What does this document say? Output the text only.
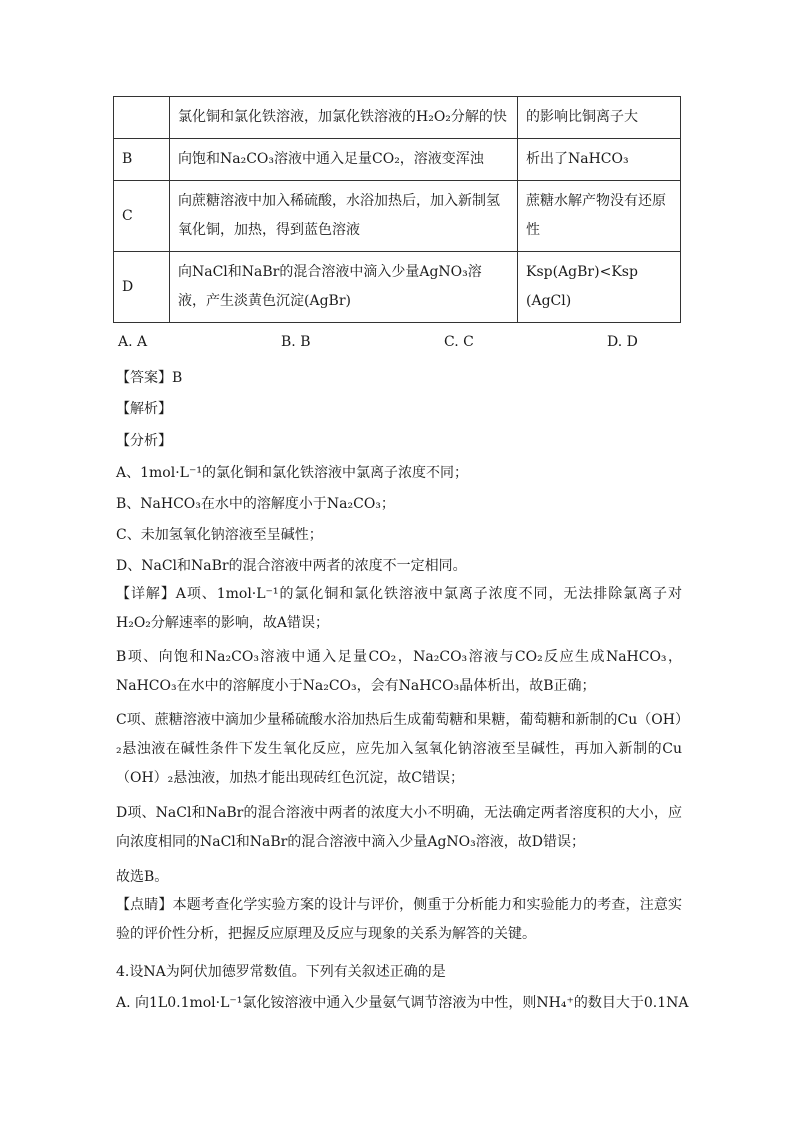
	氯化铜和氯化铁溶液，加氯化铁溶液的H₂O₂分解的快	的影响比铜离子大
B	向饱和Na₂CO₃溶液中通入足量CO₂，溶液变浑浊	析出了NaHCO₃
C	向蔗糖溶液中加入稀硫酸，水浴加热后，加入新制氢氧化铜，加热，得到蓝色溶液	蔗糖水解产物没有还原性
D	向NaCl和NaBr的混合溶液中滴入少量AgNO₃溶液，产生淡黄色沉淀(AgBr)	Ksp(AgBr)<Ksp (AgCl)
A. A	B. B	C. C	D. D
【答案】B
【解析】
【分析】
A、1mol·L⁻¹的氯化铜和氯化铁溶液中氯离子浓度不同；
B、NaHCO₃在水中的溶解度小于Na₂CO₃；
C、未加氢氧化钠溶液至呈碱性；
D、NaCl和NaBr的混合溶液中两者的浓度不一定相同。
【详解】A项、1mol·L⁻¹的氯化铜和氯化铁溶液中氯离子浓度不同，无法排除氯离子对H₂O₂分解速率的影响，故A错误；
B项、向饱和Na₂CO₃溶液中通入足量CO₂，Na₂CO₃溶液与CO₂反应生成NaHCO₃，NaHCO₃在水中的溶解度小于Na₂CO₃，会有NaHCO₃晶体析出，故B正确；
C项、蔗糖溶液中滴加少量稀硫酸水浴加热后生成葡萄糖和果糖，葡萄糖和新制的Cu（OH）₂悬浊液在碱性条件下发生氧化反应，应先加入氢氧化钠溶液至呈碱性，再加入新制的Cu（OH）₂悬浊液，加热才能出现砖红色沉淀，故C错误；
D项、NaCl和NaBr的混合溶液中两者的浓度大小不明确，无法确定两者溶度积的大小，应向浓度相同的NaCl和NaBr的混合溶液中滴入少量AgNO₃溶液，故D错误；
故选B。
【点睛】本题考查化学实验方案的设计与评价，侧重于分析能力和实验能力的考查，注意实验的评价性分析，把握反应原理及反应与现象的关系为解答的关键。
4.设NA为阿伏加德罗常数值。下列有关叙述正确的是
A. 向1L0.1mol·L⁻¹氯化铵溶液中通入少量氨气调节溶液为中性，则NH₄⁺的数目大于0.1NA
